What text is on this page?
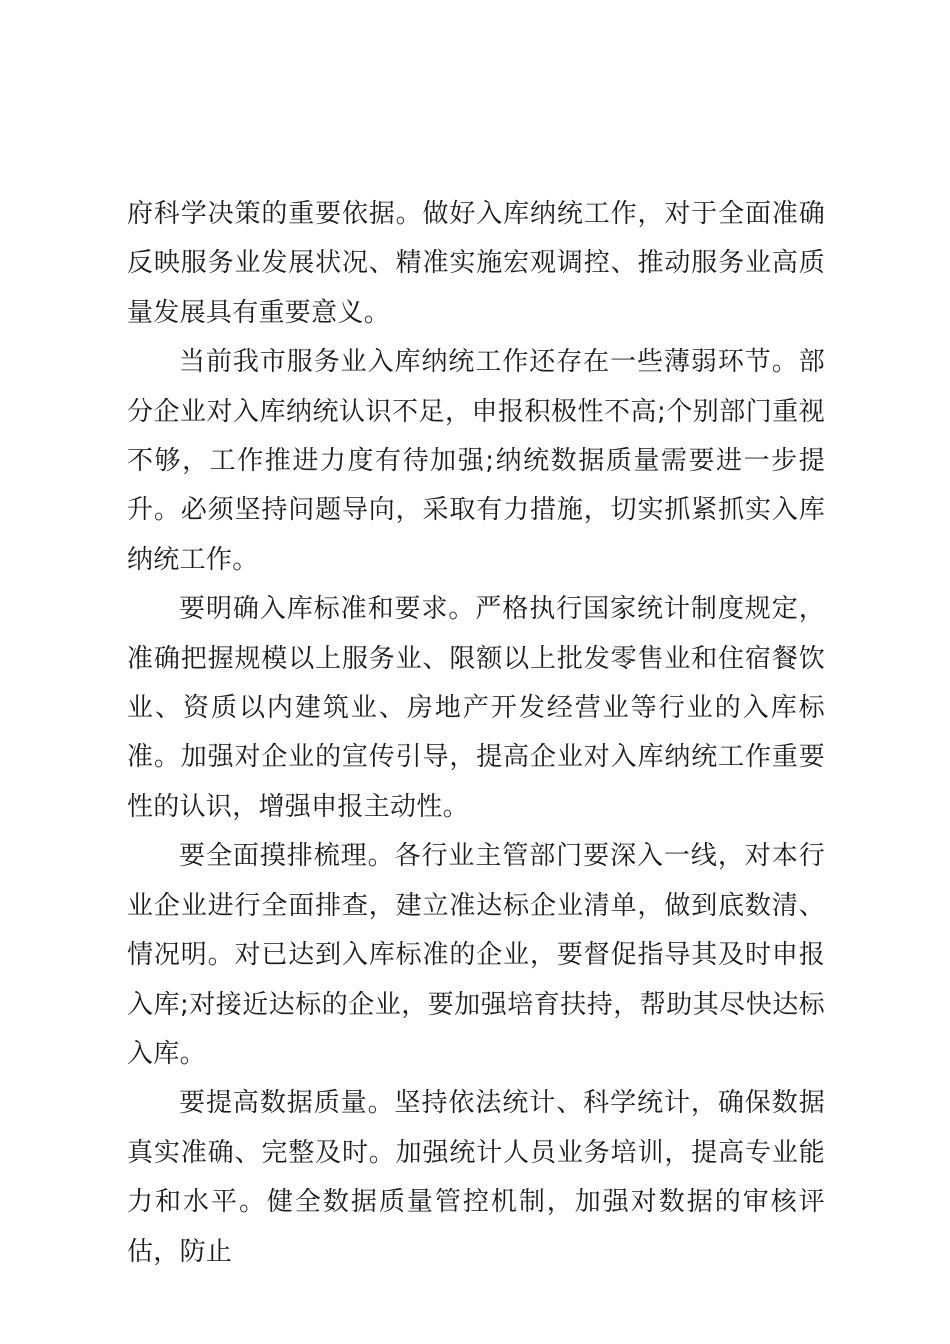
府科学决策的重要依据。做好入库纳统工作，对于全面准确反映服务业发展状况、精准实施宏观调控、推动服务业高质量发展具有重要意义。

当前我市服务业入库纳统工作还存在一些薄弱环节。部分企业对入库纳统认识不足，申报积极性不高;个别部门重视不够，工作推进力度有待加强;纳统数据质量需要进一步提升。必须坚持问题导向，采取有力措施，切实抓紧抓实入库纳统工作。

要明确入库标准和要求。严格执行国家统计制度规定，准确把握规模以上服务业、限额以上批发零售业和住宿餐饮业、资质以内建筑业、房地产开发经营业等行业的入库标准。加强对企业的宣传引导，提高企业对入库纳统工作重要性的认识，增强申报主动性。

要全面摸排梳理。各行业主管部门要深入一线，对本行业企业进行全面排查，建立准达标企业清单，做到底数清、情况明。对已达到入库标准的企业，要督促指导其及时申报入库;对接近达标的企业，要加强培育扶持，帮助其尽快达标入库。

要提高数据质量。坚持依法统计、科学统计，确保数据真实准确、完整及时。加强统计人员业务培训，提高专业能力和水平。健全数据质量管控机制，加强对数据的审核评估，防止
